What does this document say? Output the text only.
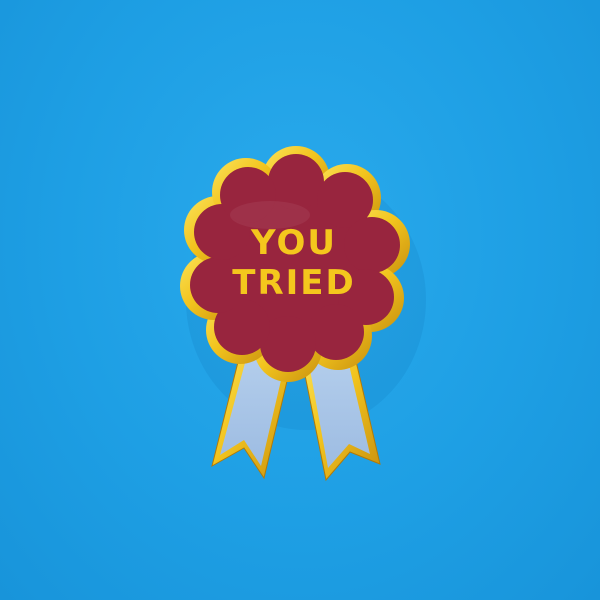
YOU
TRIED
